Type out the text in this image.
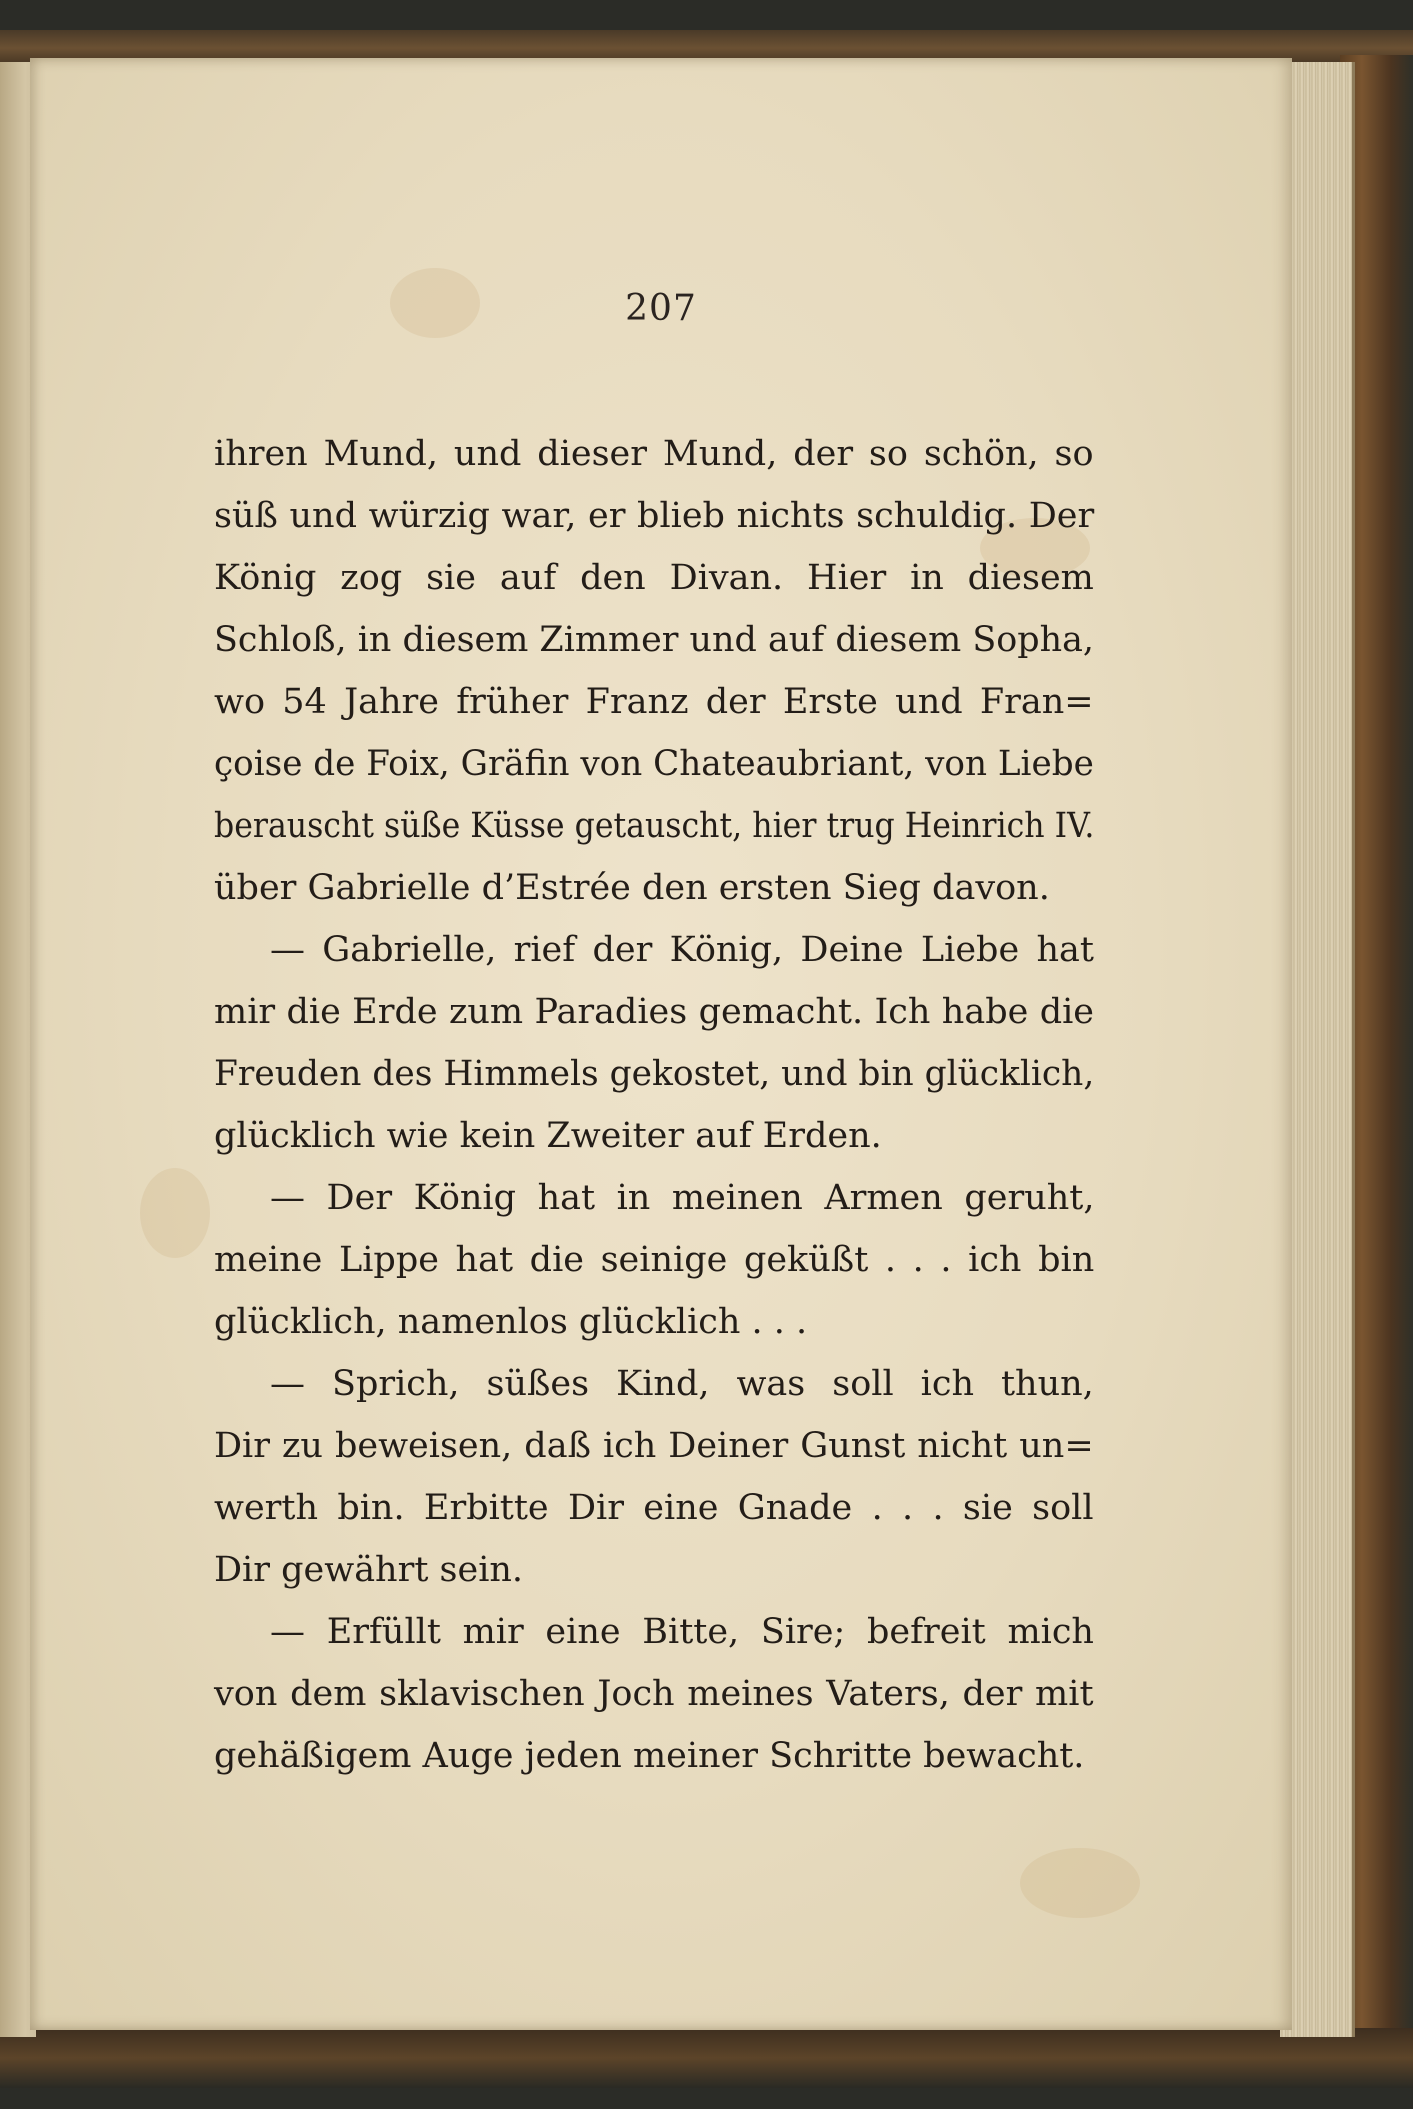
207
ihren Mund, und dieser Mund, der so schön, so
süß und würzig war, er blieb nichts schuldig. Der
König zog sie auf den Divan. Hier in diesem
Schloß, in diesem Zimmer und auf diesem Sopha,
wo 54 Jahre früher Franz der Erste und Fran=
çoise de Foix, Gräfin von Chateaubriant, von Liebe
berauscht süße Küsse getauscht, hier trug Heinrich IV.
über Gabrielle d’Estrée den ersten Sieg davon.
— Gabrielle, rief der König, Deine Liebe hat
mir die Erde zum Paradies gemacht. Ich habe die
Freuden des Himmels gekostet, und bin glücklich,
glücklich wie kein Zweiter auf Erden.
— Der König hat in meinen Armen geruht,
meine Lippe hat die seinige geküßt . . . ich bin
glücklich, namenlos glücklich . . .
— Sprich, süßes Kind, was soll ich thun,
Dir zu beweisen, daß ich Deiner Gunst nicht un=
werth bin. Erbitte Dir eine Gnade . . . sie soll
Dir gewährt sein.
— Erfüllt mir eine Bitte, Sire; befreit mich
von dem sklavischen Joch meines Vaters, der mit
gehäßigem Auge jeden meiner Schritte bewacht.
